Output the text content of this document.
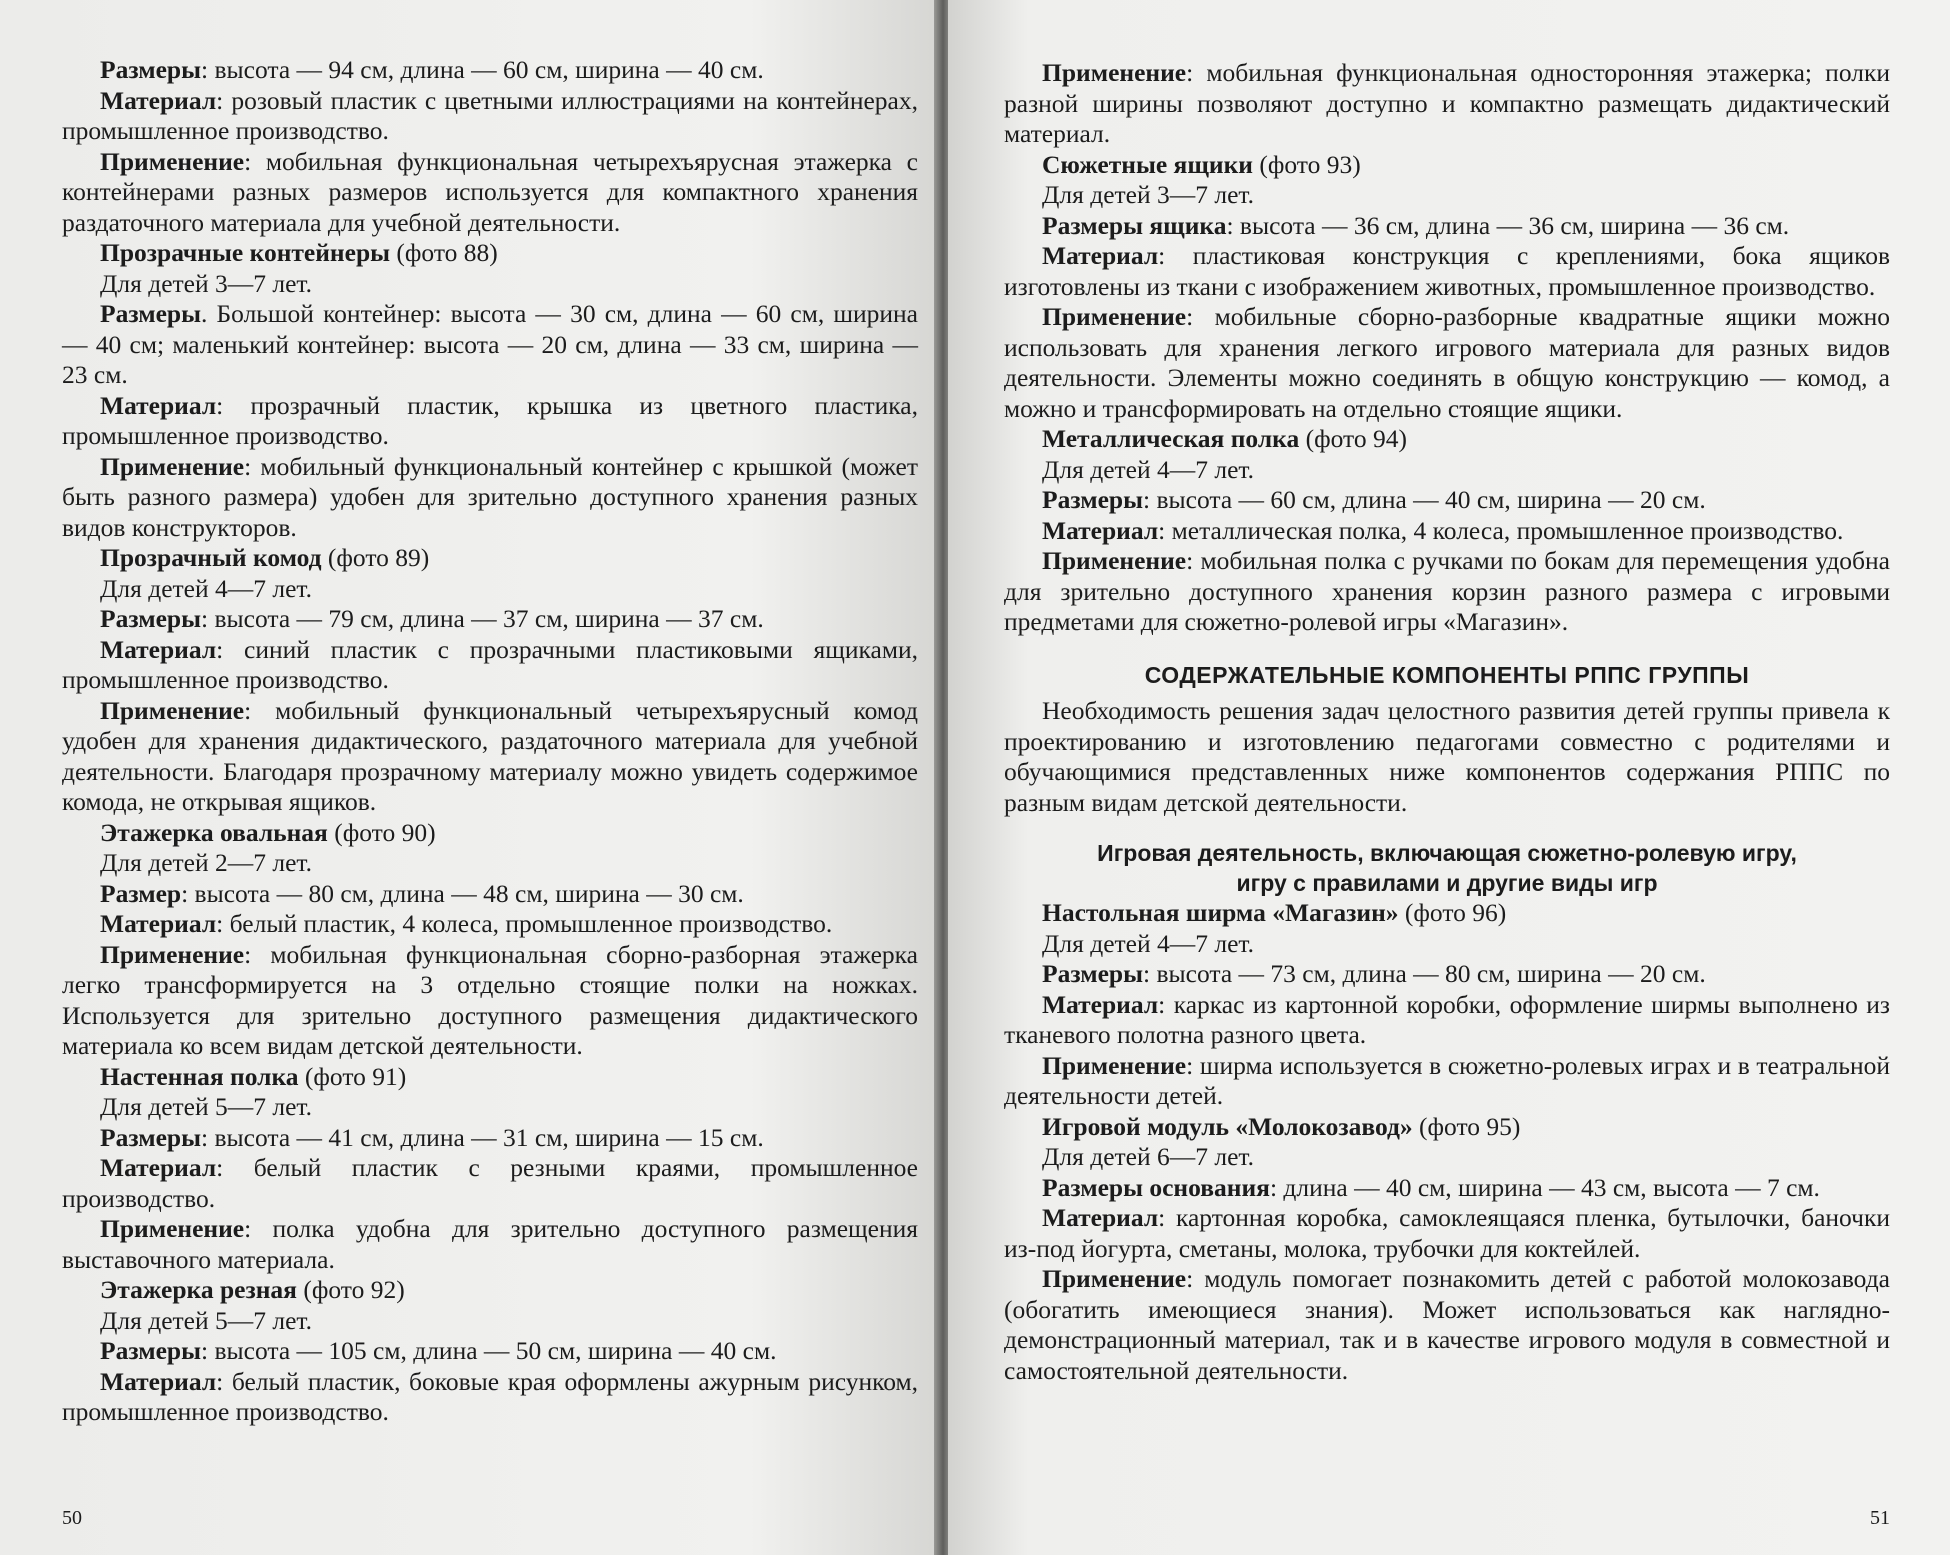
Размеры: высота — 94 см, длина — 60 см, ширина — 40 см.

Материал: розовый пластик с цветными иллюстрациями на контейнерах, промышленное производство.

Применение: мобильная функциональная четырехъярусная этажерка с контейнерами разных размеров используется для компактного хранения раздаточного материала для учебной деятельности.

Прозрачные контейнеры (фото 88)

Для детей 3—7 лет.

Размеры. Большой контейнер: высота — 30 см, длина — 60 см, ширина — 40 см; маленький контейнер: высота — 20 см, длина — 33 см, ширина — 23 см.

Материал: прозрачный пластик, крышка из цветного пластика, промышленное производство.

Применение: мобильный функциональный контейнер с крышкой (может быть разного размера) удобен для зрительно доступного хранения разных видов конструкторов.

Прозрачный комод (фото 89)

Для детей 4—7 лет.

Размеры: высота — 79 см, длина — 37 см, ширина — 37 см.

Материал: синий пластик с прозрачными пластиковыми ящиками, промышленное производство.

Применение: мобильный функциональный четырехъярусный комод удобен для хранения дидактического, раздаточного материала для учебной деятельности. Благодаря прозрачному материалу можно увидеть содержимое комода, не открывая ящиков.

Этажерка овальная (фото 90)

Для детей 2—7 лет.

Размер: высота — 80 см, длина — 48 см, ширина — 30 см.

Материал: белый пластик, 4 колеса, промышленное производство.

Применение: мобильная функциональная сборно-разборная этажерка легко трансформируется на 3 отдельно стоящие полки на ножках. Используется для зрительно доступного размещения дидактического материала ко всем видам детской деятельности.

Настенная полка (фото 91)

Для детей 5—7 лет.

Размеры: высота — 41 см, длина — 31 см, ширина — 15 см.

Материал: белый пластик с резными краями, промышленное производство.

Применение: полка удобна для зрительно доступного размещения выставочного материала.

Этажерка резная (фото 92)

Для детей 5—7 лет.

Размеры: высота — 105 см, длина — 50 см, ширина — 40 см.

Материал: белый пластик, боковые края оформлены ажурным рисунком, промышленное производство.

50

Применение: мобильная функциональная односторонняя этажерка; полки разной ширины позволяют доступно и компактно размещать дидактический материал.

Сюжетные ящики (фото 93)

Для детей 3—7 лет.

Размеры ящика: высота — 36 см, длина — 36 см, ширина — 36 см.

Материал: пластиковая конструкция с креплениями, бока ящиков изготовлены из ткани с изображением животных, промышленное производство.

Применение: мобильные сборно-разборные квадратные ящики можно использовать для хранения легкого игрового материала для разных видов деятельности. Элементы можно соединять в общую конструкцию — комод, а можно и трансформировать на отдельно стоящие ящики.

Металлическая полка (фото 94)

Для детей 4—7 лет.

Размеры: высота — 60 см, длина — 40 см, ширина — 20 см.

Материал: металлическая полка, 4 колеса, промышленное производство.

Применение: мобильная полка с ручками по бокам для перемещения удобна для зрительно доступного хранения корзин разного размера с игровыми предметами для сюжетно-ролевой игры «Магазин».

СОДЕРЖАТЕЛЬНЫЕ КОМПОНЕНТЫ РППС ГРУППЫ

Необходимость решения задач целостного развития детей группы привела к проектированию и изготовлению педагогами совместно с родителями и обучающимися представленных ниже компонентов содержания РППС по разным видам детской деятельности.

Игровая деятельность, включающая сюжетно-ролевую игру,

игру с правилами и другие виды игр

Настольная ширма «Магазин» (фото 96)

Для детей 4—7 лет.

Размеры: высота — 73 см, длина — 80 см, ширина — 20 см.

Материал: каркас из картонной коробки, оформление ширмы выполнено из тканевого полотна разного цвета.

Применение: ширма используется в сюжетно-ролевых играх и в театральной деятельности детей.

Игровой модуль «Молокозавод» (фото 95)

Для детей 6—7 лет.

Размеры основания: длина — 40 см, ширина — 43 см, высота — 7 см.

Материал: картонная коробка, самоклеящаяся пленка, бутылочки, баночки из-под йогурта, сметаны, молока, трубочки для коктейлей.

Применение: модуль помогает познакомить детей с работой молокозавода (обогатить имеющиеся знания). Может использоваться как наглядно-демонстрационный материал, так и в качестве игрового модуля в совместной и самостоятельной деятельности.

51
